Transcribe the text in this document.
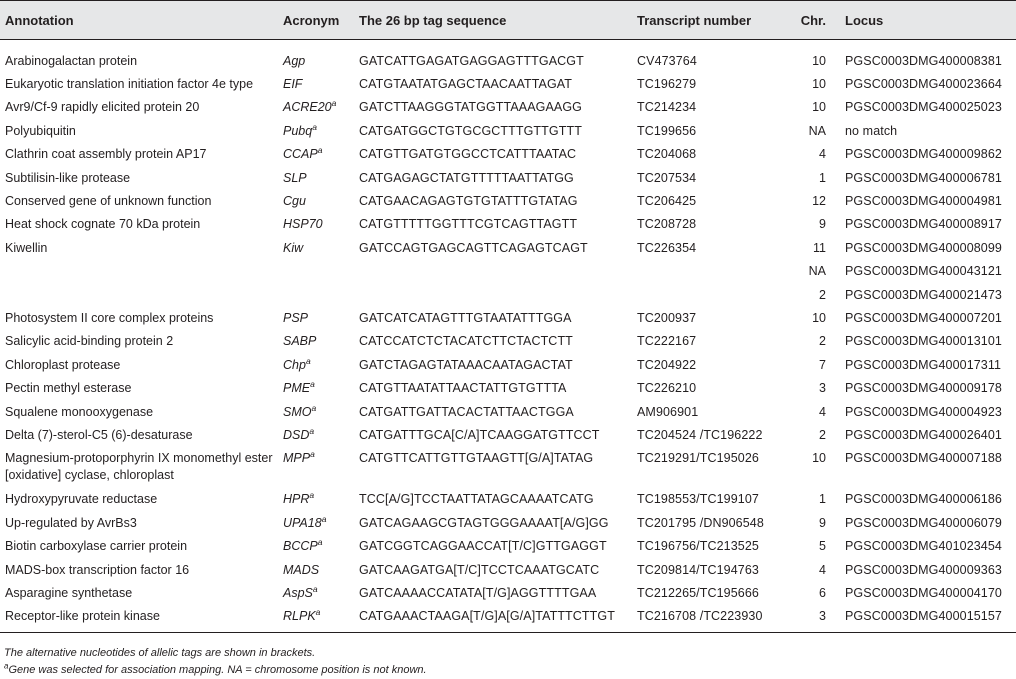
Annotation	Acronym	The 26 bp tag sequence	Transcript number	Chr.	Locus
Arabinogalactan protein	Agp	GATCATTGAGATGAGGAGTTTGACGT	CV473764	10	PGSC0003DMG400008381
Eukaryotic translation initiation factor 4e type	EIF	CATGTAATATGAGCTAACAATTAGAT	TC196279	10	PGSC0003DMG400023664
Avr9/Cf-9 rapidly elicited protein 20	ACRE20$^a$	GATCTTAAGGGTATGGTTAAAGAAGG	TC214234	10	PGSC0003DMG400025023
Polyubiquitin	Pubq$^a$	CATGATGGCTGTGCGCTTTGTTGTTT	TC199656	NA	no match
Clathrin coat assembly protein AP17	CCAP$^a$	CATGTTGATGTGGCCTCATTTAATAC	TC204068	4	PGSC0003DMG400009862
Subtilisin-like protease	SLP	CATGAGAGCTATGTTTTTAATTATGG	TC207534	1	PGSC0003DMG400006781
Conserved gene of unknown function	Cgu	CATGAACAGAGTGTGTATTTGTATAG	TC206425	12	PGSC0003DMG400004981
Heat shock cognate 70 kDa protein	HSP70	CATGTTTTTGGTTTCGTCAGTTAGTT	TC208728	9	PGSC0003DMG400008917
Kiwellin	Kiw	GATCCAGTGAGCAGTTCAGAGTCAGT	TC226354	11	PGSC0003DMG400008099
				NA	PGSC0003DMG400043121
				2	PGSC0003DMG400021473
Photosystem II core complex proteins	PSP	GATCATCATAGTTTGTAATATTTGGA	TC200937	10	PGSC0003DMG400007201
Salicylic acid-binding protein 2	SABP	CATCCATCTCTACATCTTCTACTCTT	TC222167	2	PGSC0003DMG400013101
Chloroplast protease	Chp$^a$	GATCTAGAGTATAAACAATAGACTAT	TC204922	7	PGSC0003DMG400017311
Pectin methyl esterase	PME$^a$	CATGTTAATATTAACTATTGTGTTTA	TC226210	3	PGSC0003DMG400009178
Squalene monooxygenase	SMO$^a$	CATGATTGATTACACTATTAACTGGA	AM906901	4	PGSC0003DMG400004923
Delta (7)-sterol-C5 (6)-desaturase	DSD$^a$	CATGATTTGCA[C/A]TCAAGGATGTTCCT	TC204524 /TC196222	2	PGSC0003DMG400026401
Magnesium-protoporphyrin IX monomethyl ester [oxidative] cyclase, chloroplast	MPP$^a$	CATGTTCATTGTTGTAAGTT[G/A]TATAG	TC219291/TC195026	10	PGSC0003DMG400007188
Hydroxypyruvate reductase	HPR$^a$	TCC[A/G]TCCTAATTATAGCAAAATCATG	TC198553/TC199107	1	PGSC0003DMG400006186
Up-regulated by AvrBs3	UPA18$^a$	GATCAGAAGCGTAGTGGGAAAAT[A/G]GG	TC201795 /DN906548	9	PGSC0003DMG400006079
Biotin carboxylase carrier protein	BCCP$^a$	GATCGGTCAGGAACCAT[T/C]GTTGAGGT	TC196756/TC213525	5	PGSC0003DMG401023454
MADS-box transcription factor 16	MADS	GATCAAGATGA[T/C]TCCTCAAATGCATC	TC209814/TC194763	4	PGSC0003DMG400009363
Asparagine synthetase	AspS$^a$	GATCAAAACCATATA[T/G]AGGTTTTGAA	TC212265/TC195666	6	PGSC0003DMG400004170
Receptor-like protein kinase	RLPK$^a$	CATGAAACTAAGA[T/G]A[G/A]TATTTCTTGT	TC216708 /TC223930	3	PGSC0003DMG400015157
The alternative nucleotides of allelic tags are shown in brackets.
$^a$Gene was selected for association mapping. NA = chromosome position is not known.
